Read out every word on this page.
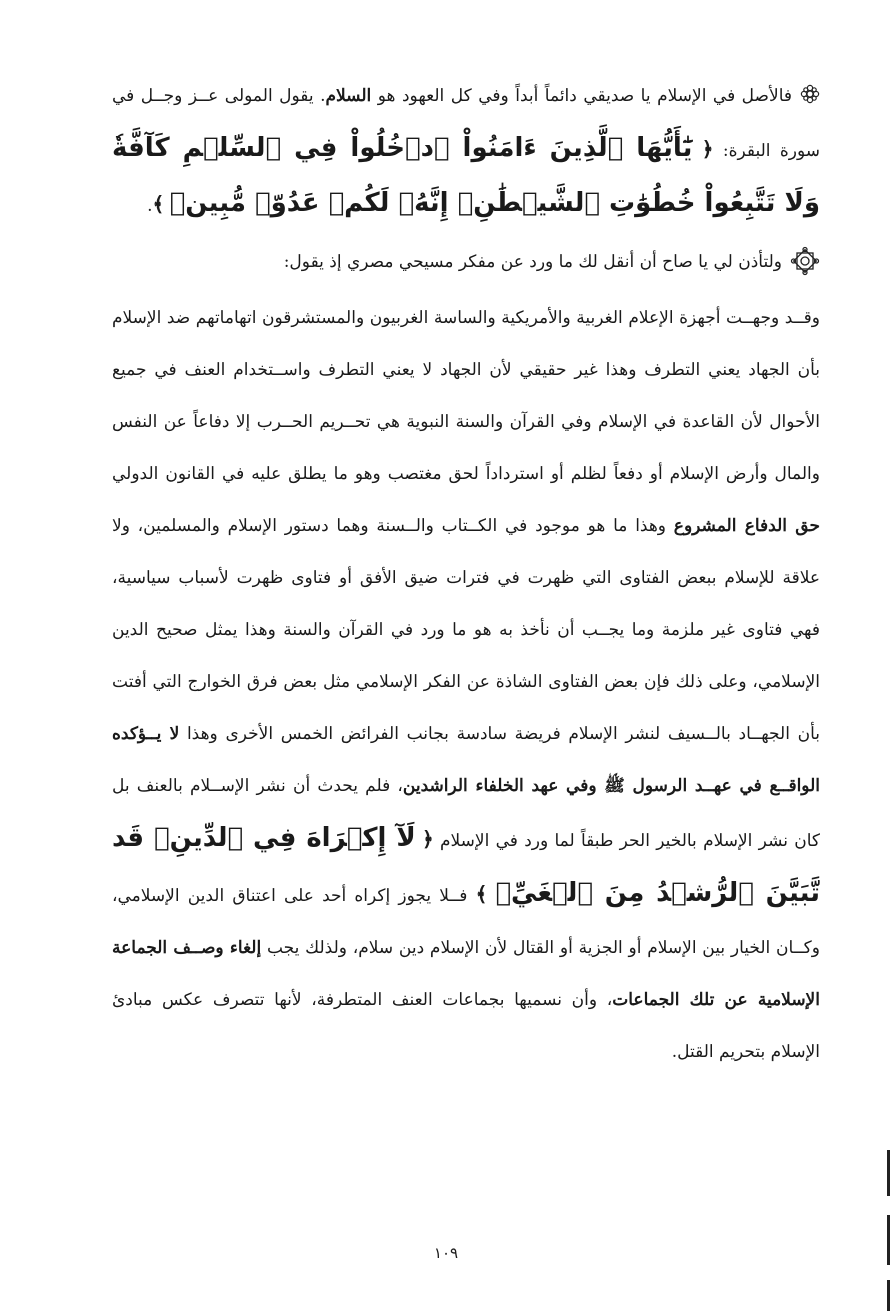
فالأصل في الإسلام يا صديقي دائماً أبداً وفي كل العهود هو السلام. يقول المولى عــز وجــل في سورة البقرة: ﴿ يَٰٓأَيُّهَا ٱلَّذِينَ ءَامَنُواْ ٱدۡخُلُواْ فِي ٱلسِّلۡمِ كَآفَّةٗ وَلَا تَتَّبِعُواْ خُطُوَٰتِ ٱلشَّيۡطَٰنِۚ إِنَّهُۥ لَكُمۡ عَدُوّٞ مُّبِينٞ ﴾.

ولتأذن لي يا صاح أن أنقل لك ما ورد عن مفكر مسيحي مصري إذ يقول:

وقــد وجهــت أجهزة الإعلام الغربية والأمريكية والساسة الغربيون والمستشرقون اتهاماتهم ضد الإسلام بأن الجهاد يعني التطرف وهذا غير حقيقي لأن الجهاد لا يعني التطرف واســتخدام العنف في جميع الأحوال لأن القاعدة في الإسلام وفي القرآن والسنة النبوية هي تحــريم الحــرب إلا دفاعاً عن النفس والمال وأرض الإسلام أو دفعاً لظلم أو استرداداً لحق مغتصب وهو ما يطلق عليه في القانون الدولي حق الدفاع المشروع وهذا ما هو موجود في الكــتاب والــسنة وهما دستور الإسلام والمسلمين، ولا علاقة للإسلام ببعض الفتاوى التي ظهرت في فترات ضيق الأفق أو فتاوى ظهرت لأسباب سياسية، فهي فتاوى غير ملزمة وما يجــب أن نأخذ به هو ما ورد في القرآن والسنة وهذا يمثل صحيح الدين الإسلامي، وعلى ذلك فإن بعض الفتاوى الشاذة عن الفكر الإسلامي مثل بعض فرق الخوارج التي أفتت بأن الجهــاد بالــسيف لنشر الإسلام فريضة سادسة بجانب الفرائض الخمس الأخرى وهذا لا يــؤكده الواقــع في عهــد الرسول ﷺ وفي عهد الخلفاء الراشدين، فلم يحدث أن نشر الإســلام بالعنف بل كان نشر الإسلام بالخير الحر طبقاً لما ورد في الإسلام ﴿ لَآ إِكۡرَاهَ فِي ٱلدِّينِۖ قَد تَّبَيَّنَ ٱلرُّشۡدُ مِنَ ٱلۡغَيِّۚ ﴾ فــلا يجوز إكراه أحد على اعتناق الدين الإسلامي، وكــان الخيار بين الإسلام أو الجزية أو القتال لأن الإسلام دين سلام، ولذلك يجب إلغاء وصــف الجماعة الإسلامية عن تلك الجماعات، وأن نسميها بجماعات العنف المتطرفة، لأنها تتصرف عكس مبادئ الإسلام بتحريم القتل.

١٠٩
